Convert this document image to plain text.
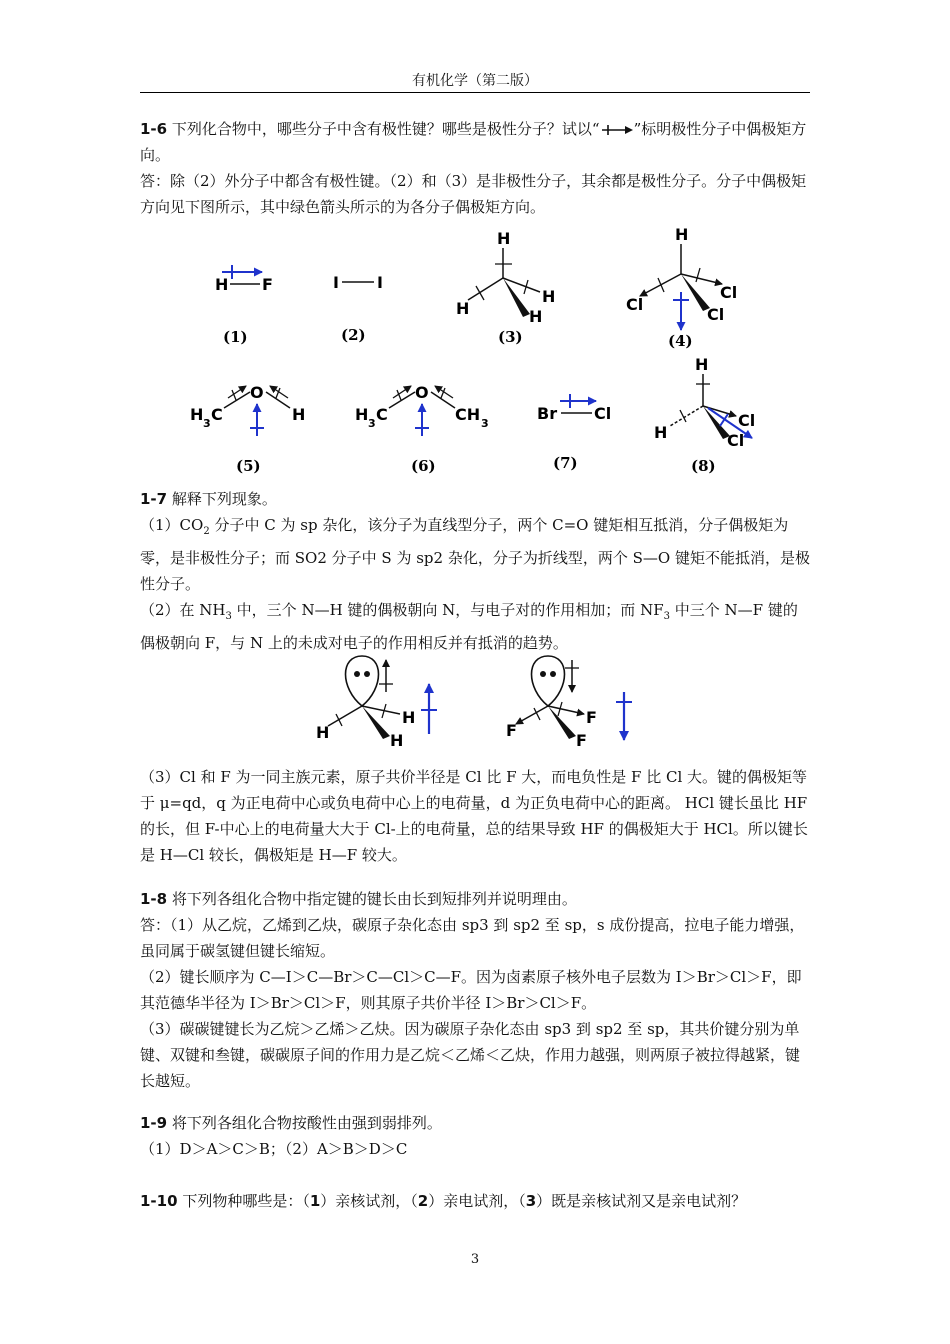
有机化学（第二版）

1-6 下列化合物中，哪些分子中含有极性键？哪些是极性分子？试以“ ”标明极性分子中偶极矩方向。

答：除（2）外分子中都含有极性键。（2）和（3）是非极性分子，其余都是极性分子。分子中偶极矩方向见下图所示，其中绿色箭头所示的为各分子偶极矩方向。

H F
(1)
I I
(2)
H
H
H
H
(3)
H
Cl
Cl
Cl
(4)
O
H 3 C	H
(5)
O
H 3 C	CH 3
(6)
Br Cl
(7)
H
H
Cl
Cl
(8)

1-7 解释下列现象。

$(1)CO_2$ 分子中 C 为 sp 杂化，该分子为直线型分子，两个 C=O 键矩相互抵消，分子偶极矩为零，是非极性分子；而 SO2 分子中 S 为 sp2 杂化，分子为折线型，两个 S—O 键矩不能抵消，是极性分子。

（2）在 $NH_3$ 中，三个 N—H 键的偶极朝向 N，与电子对的作用相加；而 $NF_3$ 中三个 N—F 键的偶极朝向 F，与 N 上的未成对电子的作用相反并有抵消的趋势。

H
H
H
F
F
F

（3）Cl 和 F 为一同主族元素，原子共价半径是 Cl 比 F 大，而电负性是 F 比 Cl 大。键的偶极矩等于 μ=qd，q 为正电荷中心或负电荷中心上的电荷量，d 为正负电荷中心的距离。 HCl 键长虽比 HF 的长，但 F-中心上的电荷量大大于 Cl-上的电荷量，总的结果导致 HF 的偶极矩大于 HCl。所以键长是 H—Cl 较长，偶极矩是 H—F 较大。

1-8 将下列各组化合物中指定键的键长由长到短排列并说明理由。

答：（1）从乙烷，乙烯到乙炔，碳原子杂化态由 sp3 到 sp2 至 sp，s 成份提高，拉电子能力增强，虽同属于碳氢键但键长缩短。

（2）键长顺序为 C—I＞C—Br＞C—Cl＞C—F。因为卤素原子核外电子层数为 I＞Br＞Cl＞F，即其范德华半径为 I＞Br＞Cl＞F，则其原子共价半径 I＞Br＞Cl＞F。

（3）碳碳键键长为乙烷＞乙烯＞乙炔。因为碳原子杂化态由 sp3 到 sp2 至 sp，其共价键分别为单键、双键和叁键，碳碳原子间的作用力是乙烷＜乙烯＜乙炔，作用力越强，则两原子被拉得越紧，键长越短。

1-9 将下列各组化合物按酸性由强到弱排列。

（1）D＞A＞C＞B；（2）A＞B＞D＞C

1-10 下列物种哪些是：（1）亲核试剂，（2）亲电试剂，（3）既是亲核试剂又是亲电试剂？

3
